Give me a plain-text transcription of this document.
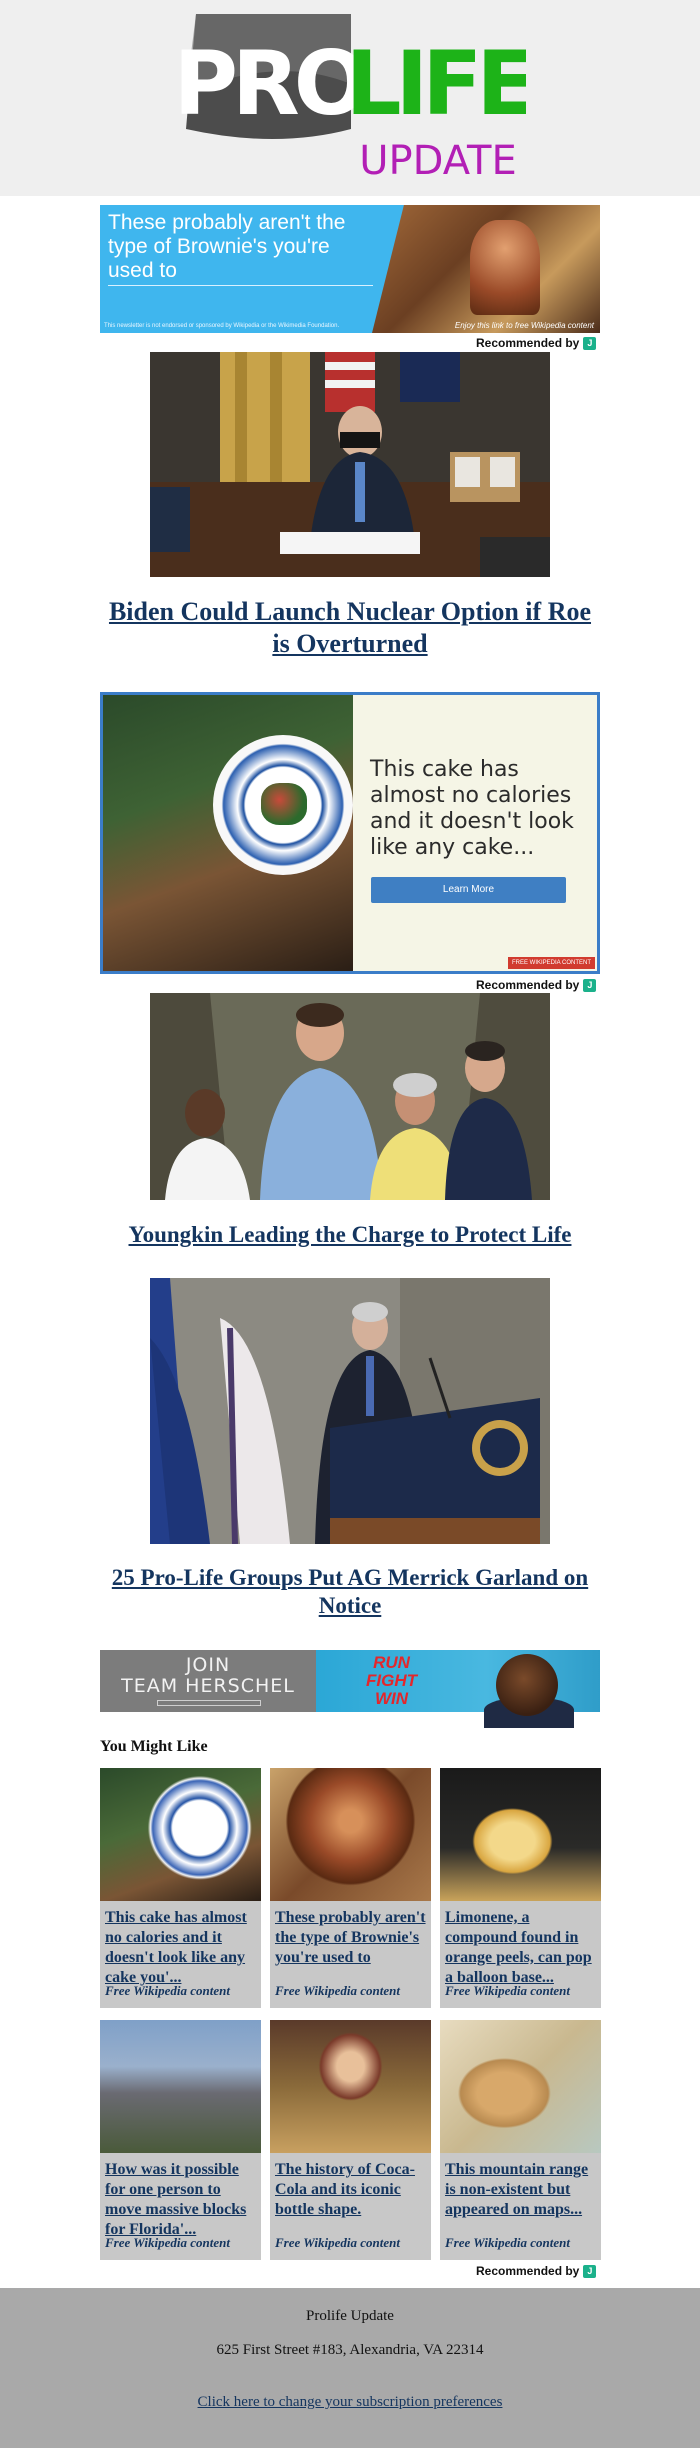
PRO
LIFE
UPDATE
These probably aren't the type of Brownie's you're used to
This newsletter is not endorsed or sponsored by Wikipedia or the Wikimedia Foundation.	Enjoy this link to free Wikipedia content
Recommended by J
Biden Could Launch Nuclear Option if Roe is Overturned
This cake has almost no calories and it doesn't look like any cake...
Learn More
FREE WIKIPEDIA CONTENT
Recommended by J
Youngkin Leading the Charge to Protect Life
25 Pro-Life Groups Put AG Merrick Garland on Notice
JOIN
TEAM HERSCHEL
RUN
FIGHT
WIN
You Might Like
This cake has almost no calories and it doesn't look like any cake you'...
Free Wikipedia content
These probably aren't the type of Brownie's you're used to
Free Wikipedia content
Limonene, a compound found in orange peels, can pop a balloon base...
Free Wikipedia content
How was it possible for one person to move massive blocks for Florida'...
Free Wikipedia content
The history of Coca-Cola and its iconic bottle shape.
Free Wikipedia content
This mountain range is non-existent but appeared on maps...
Free Wikipedia content
Recommended by J
Prolife Update
625 First Street #183, Alexandria, VA 22314
Click here to change your subscription preferences
